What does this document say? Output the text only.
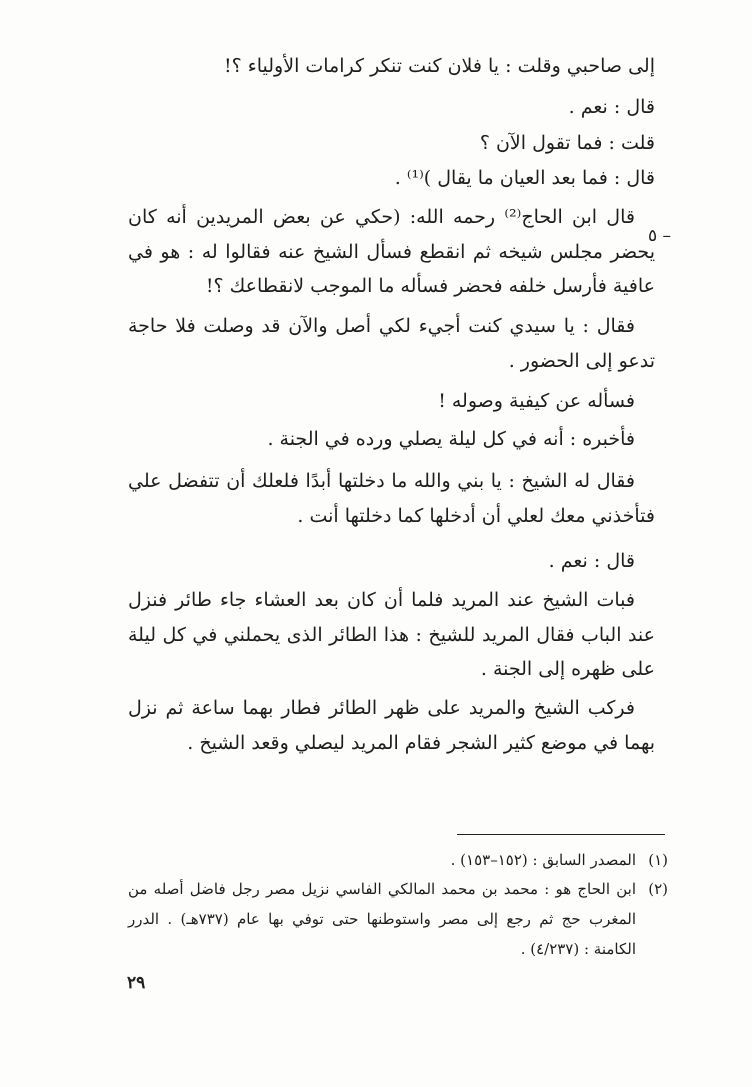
إلى صاحبي وقلت : يا فلان كنت تنكر كرامات الأولياء ؟!
قال : نعم .
قلت : فما تقول الآن ؟
قال : فما بعد العيان ما يقال )⁽¹⁾ .
٥ –

قال ابن الحاج⁽²⁾ رحمه الله: (حكي عن بعض المريدين أنه كان يحضر مجلس شيخه ثم انقطع فسأل الشيخ عنه فقالوا له : هو في عافية فأرسل خلفه فحضر فسأله ما الموجب لانقطاعك ؟!

فقال : يا سيدي كنت أجيء لكي أصل والآن قد وصلت فلا حاجة تدعو إلى الحضور .

فسأله عن كيفية وصوله !

فأخبره : أنه في كل ليلة يصلي ورده في الجنة .

فقال له الشيخ : يا بني والله ما دخلتها أبدًا فلعلك أن تتفضل علي فتأخذني معك لعلي أن أدخلها كما دخلتها أنت .

قال : نعم .

فبات الشيخ عند المريد فلما أن كان بعد العشاء جاء طائر فنزل عند الباب فقال المريد للشيخ : هذا الطائر الذى يحملني في كل ليلة على ظهره إلى الجنة .

فركب الشيخ والمريد على ظهر الطائر فطار بهما ساعة ثم نزل بهما في موضع كثير الشجر فقام المريد ليصلي وقعد الشيخ .

(١)
المصدر السابق : (١٥٢–١٥٣) .
(٢)
ابن الحاج هو : محمد بن محمد المالكي الفاسي نزيل مصر رجل فاضل أصله من المغرب حج ثم رجع إلى مصر واستوطنها حتى توفي بها عام (٧٣٧هـ) . الدرر الكامنة : (٤/٢٣٧) .
٢٩
